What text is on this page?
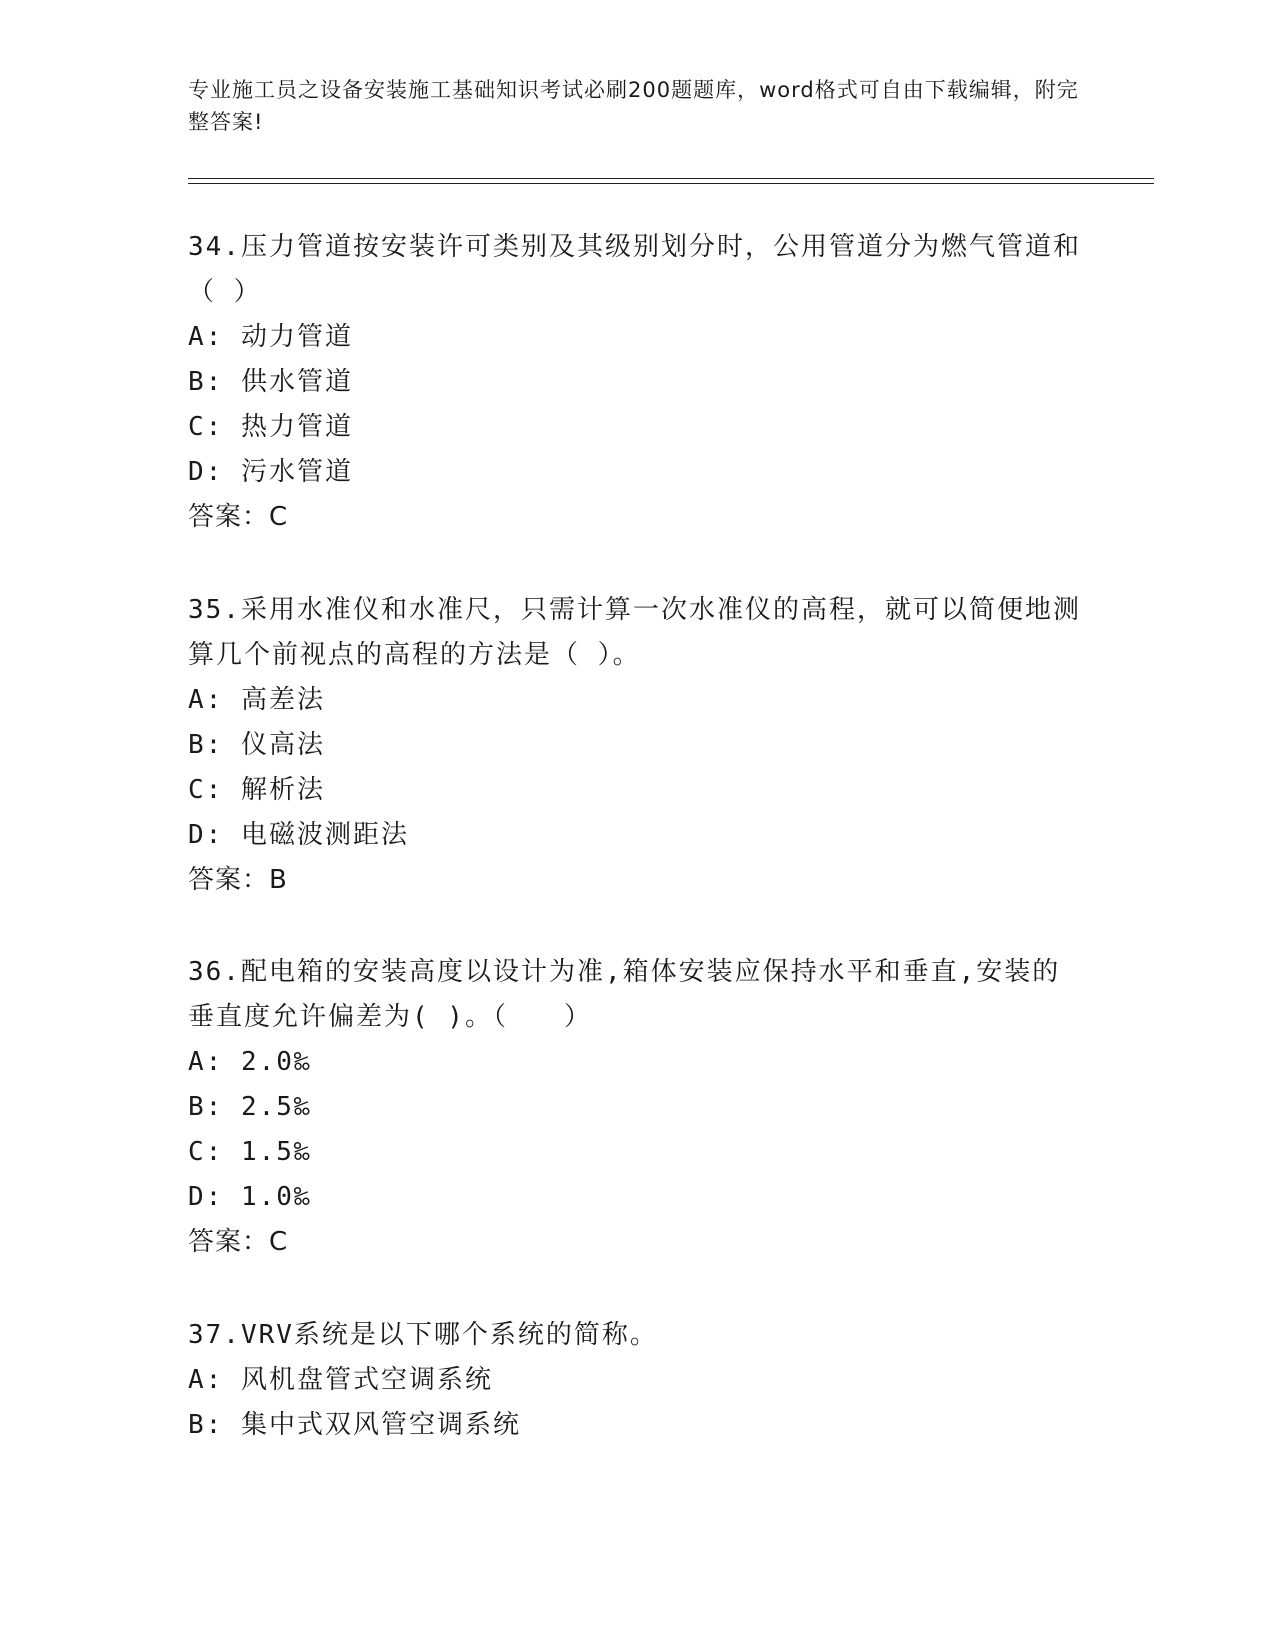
专业施工员之设备安装施工基础知识考试必刷200题题库，word格式可自由下载编辑，附完整答案!

34.压力管道按安装许可类别及其级别划分时，公用管道分为燃气管道和（ ）

A: 动力管道

B: 供水管道

C: 热力管道

D: 污水管道

答案：C

35.采用水准仪和水准尺，只需计算一次水准仪的高程，就可以简便地测算几个前视点的高程的方法是（ ）。

A: 高差法

B: 仪高法

C: 解析法

D: 电磁波测距法

答案：B

36.配电箱的安装高度以设计为准,箱体安装应保持水平和垂直,安装的垂直度允许偏差为( )。（　　）

A: 2.0‰

B: 2.5‰

C: 1.5‰

D: 1.0‰

答案：C

37.VRV系统是以下哪个系统的简称。

A: 风机盘管式空调系统

B: 集中式双风管空调系统
